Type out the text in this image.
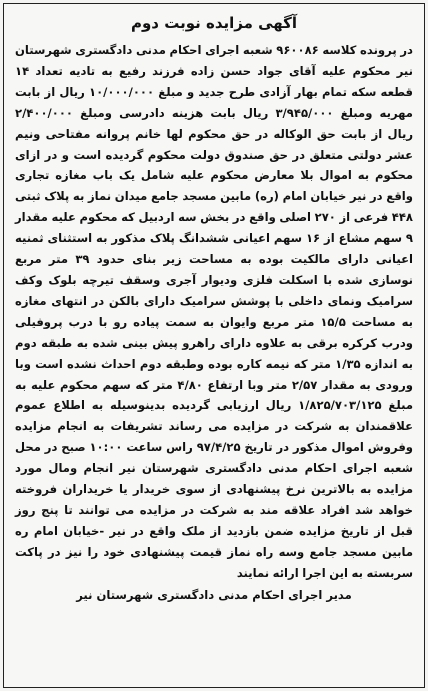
آگهی مزایده نوبت دوم

در پرونده کلاسه ۹۶۰۰۸۶ شعبه اجرای احکام مدنی دادگستری شهرستان نیر محکوم علیه آقای جواد حسن زاده فرزند رفیع به تادیه تعداد ۱۴ قطعه سکه تمام بهار آزادی طرح جدید و مبلغ ۱۰/۰۰۰/۰۰۰ ریال از بابت مهریه ومبلغ ۳/۹۴۵/۰۰۰ ریال بابت هزینه دادرسی ومبلغ ۲/۴۰۰/۰۰۰ ریال از بابت حق الوکاله در حق محکوم لها خانم پروانه مفتاحی ونیم عشر دولتی متعلق در حق صندوق دولت محکوم گردیده است و در ازای محکوم به اموال بلا معارض محکوم علیه شامل یک باب مغازه تجاری واقع در نیر خیابان امام (ره) مابین مسجد جامع میدان نماز به پلاک ثبتی ۴۴۸ فرعی از ۲۷۰ اصلی واقع در بخش سه اردبیل که محکوم علیه مقدار ۹ سهم مشاع از ۱۶ سهم اعیانی ششدانگ پلاک مذکور به استثنای ثمنیه اعیانی دارای مالکیت بوده به مساحت زیر بنای حدود ۳۹ متر مربع نوسازی شده با اسکلت فلزی ودیوار آجری وسقف تیرچه بلوک وکف سرامیک ونمای داخلی با پوشش سرامیک دارای بالکن در انتهای مغازه به مساحت ۱۵/۵ متر مربع وایوان به سمت پیاده رو با درب پروفیلی ودرب کرکره برقی به علاوه دارای راهرو پیش بینی شده به طبقه دوم به اندازه ۱/۳۵ متر که نیمه کاره بوده وطبقه دوم احداث نشده است وبا ورودی به مقدار ۲/۵۷ متر وبا ارتفاع ۴/۸۰ متر که سهم محکوم علیه به مبلغ ۱/۸۲۵/۷۰۳/۱۲۵ ریال ارزیابی گردیده بدینوسیله به اطلاع عموم علاقمندان به شرکت در مزایده می رساند تشریفات به انجام مزایده وفروش اموال مذکور در تاریخ ۹۷/۴/۲۵ راس ساعت ۱۰:۰۰ صبح در محل شعبه اجرای احکام مدنی دادگستری شهرستان نیر انجام ومال مورد مزایده به بالاترین نرخ پیشنهادی از سوی خریدار یا خریداران فروخته خواهد شد افراد علاقه مند به شرکت در مزایده می توانند تا پنج روز قبل از تاریخ مزایده ضمن بازدید از ملک واقع در نیر -خیابان امام ره مابین مسجد جامع وسه راه نماز قیمت پیشنهادی خود را نیز در پاکت سربسته به این اجرا ارائه نمایند

مدیر اجرای احکام مدنی دادگستری شهرستان نیر
